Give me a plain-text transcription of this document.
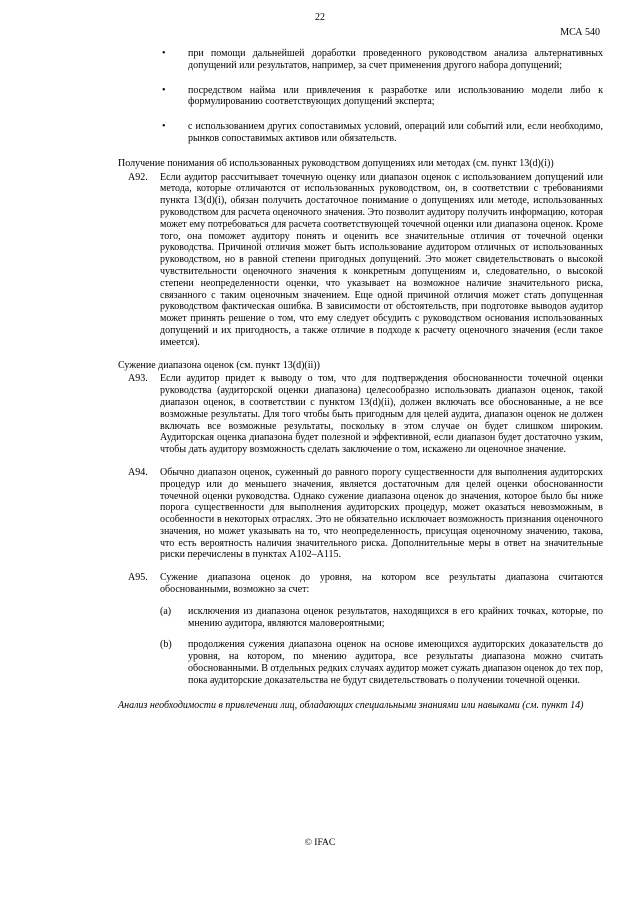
22
МСА 540

• при помощи дальнейшей доработки проведенного руководством анализа альтернативных допущений или результатов, например, за счет применения другого набора допущений;

• посредством найма или привлечения к разработке или использованию модели либо к формулированию соответствующих допущений эксперта;

• с использованием других сопоставимых условий, операций или событий или, если необходимо, рынков сопоставимых активов или обязательств.

Получение понимания об использованных руководством допущениях или методах (см. пункт 13(d)(i))

A92. Если аудитор рассчитывает точечную оценку или диапазон оценок с использованием допущений или метода, которые отличаются от использованных руководством, он, в соответствии с требованиями пункта 13(d)(i), обязан получить достаточное понимание о допущениях или методе, использованных руководством для расчета оценочного значения. Это позволит аудитору получить информацию, которая может ему потребоваться для расчета соответствующей точечной оценки или диапазона оценок. Кроме того, она поможет аудитору понять и оценить все значительные отличия от точечной оценки руководства. Причиной отличия может быть использование аудитором отличных от использованных руководством, но в равной степени пригодных допущений. Это может свидетельствовать о высокой чувствительности оценочного значения к конкретным допущениям и, следовательно, о высокой степени неопределенности оценки, что указывает на возможное наличие значительного риска, связанного с таким оценочным значением. Еще одной причиной отличия может стать допущенная руководством фактическая ошибка. В зависимости от обстоятельств, при подготовке выводов аудитор может принять решение о том, что ему следует обсудить с руководством основания использованных допущений и их пригодность, а также отличие в подходе к расчету оценочного значения (если такое имеется).

Сужение диапазона оценок (см. пункт 13(d)(ii))

A93. Если аудитор придет к выводу о том, что для подтверждения обоснованности точечной оценки руководства (аудиторской оценки диапазона) целесообразно использовать диапазон оценок, такой диапазон оценок, в соответствии с пунктом 13(d)(ii), должен включать все обоснованные, а не все возможные результаты. Для того чтобы быть пригодным для целей аудита, диапазон оценок не должен включать все возможные результаты, поскольку в этом случае он будет слишком широким. Аудиторская оценка диапазона будет полезной и эффективной, если диапазон будет достаточно узким, чтобы дать аудитору возможность сделать заключение о том, искажено ли оценочное значение.

A94. Обычно диапазон оценок, суженный до равного порогу существенности для выполнения аудиторских процедур или до меньшего значения, является достаточным для целей оценки обоснованности точечной оценки руководства. Однако сужение диапазона оценок до значения, которое было бы ниже порога существенности для выполнения аудиторских процедур, может оказаться невозможным, в особенности в некоторых отраслях. Это не обязательно исключает возможность признания оценочного значения, но может указывать на то, что неопределенность, присущая оценочному значению, такова, что есть вероятность наличия значительного риска. Дополнительные меры в ответ на значительные риски перечислены в пунктах A102–A115.

A95. Сужение диапазона оценок до уровня, на котором все результаты диапазона считаются обоснованными, возможно за счет:

(a) исключения из диапазона оценок результатов, находящихся в его крайних точках, которые, по мнению аудитора, являются маловероятными;

(b) продолжения сужения диапазона оценок на основе имеющихся аудиторских доказательств до уровня, на котором, по мнению аудитора, все результаты диапазона можно считать обоснованными. В отдельных редких случаях аудитор может сужать диапазон оценок до тех пор, пока аудиторские доказательства не будут свидетельствовать о получении точечной оценки.

Анализ необходимости в привлечении лиц, обладающих специальными знаниями или навыками (см. пункт 14)

© IFAC
